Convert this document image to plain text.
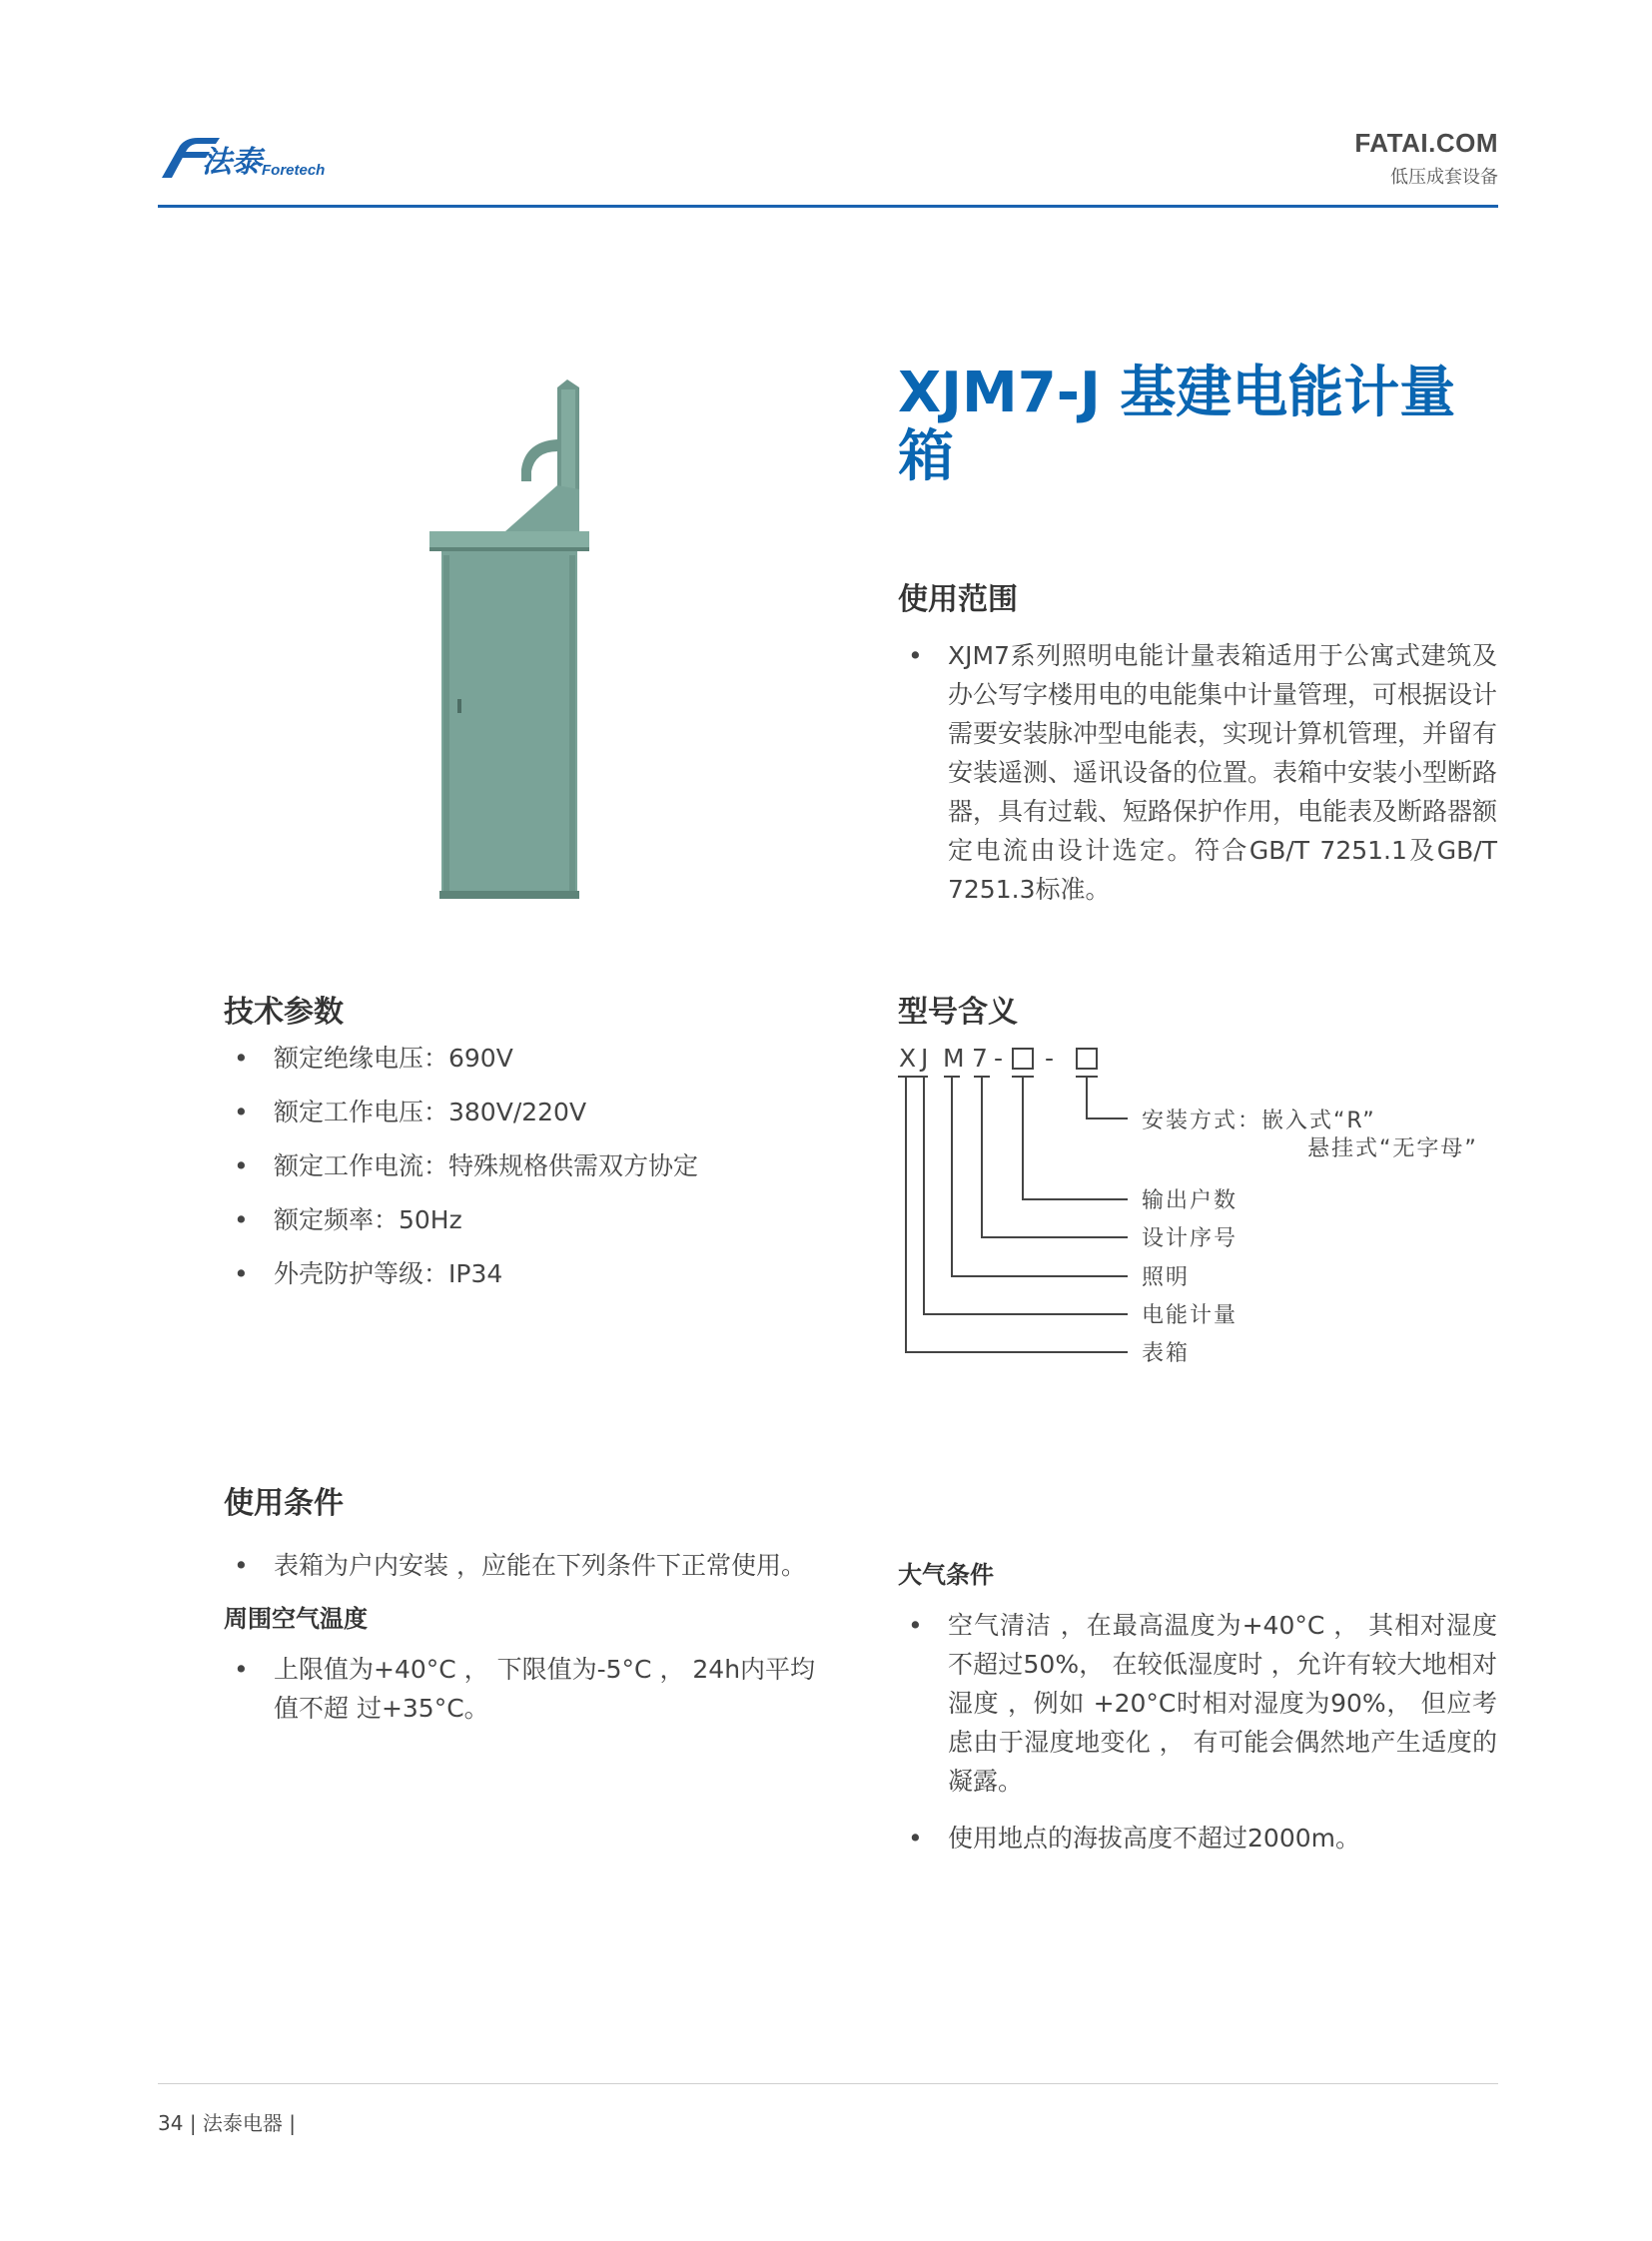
法泰 Foretech
FATAI.COM
低压成套设备
XJM7-J 基建电能计量
箱
使用范围
• XJM7系列照明电能计量表箱适用于公寓式建筑及办公写字楼用电的电能集中计量管理，可根据设计需要安装脉冲型电能表，实现计算机管理，并留有安装遥测、遥讯设备的位置。表箱中安装小型断路器，具有过载、短路保护作用，电能表及断路器额定电流由设计选定。符合GB/T 7251.1及GB/T 7251.3标准。
技术参数
• 额定绝缘电压：690V
• 额定工作电压：380V/220V
• 额定工作电流：特殊规格供需双方协定
• 额定频率：50Hz
• 外壳防护等级：IP34
型号含义
X J M 7 - -
安装方式：嵌入式“R”
悬挂式“无字母”
输出户数
设计序号
照明
电能计量
表箱
使用条件
• 表箱为户内安装 ，应能在下列条件下正常使用。
周围空气温度
• 上限值为+40°C ， 下限值为-5°C ， 24h内平均值不超 过+35°C。
大气条件
• 空气清洁 ，在最高温度为+40°C ， 其相对湿度不超过50%， 在较低湿度时 ，允许有较大地相对湿度 ，例如 +20°C时相对湿度为90%， 但应考虑由于湿度地变化 ， 有可能会偶然地产生适度的凝露。
• 使用地点的海拔高度不超过2000m。
34 | 法泰电器 |
